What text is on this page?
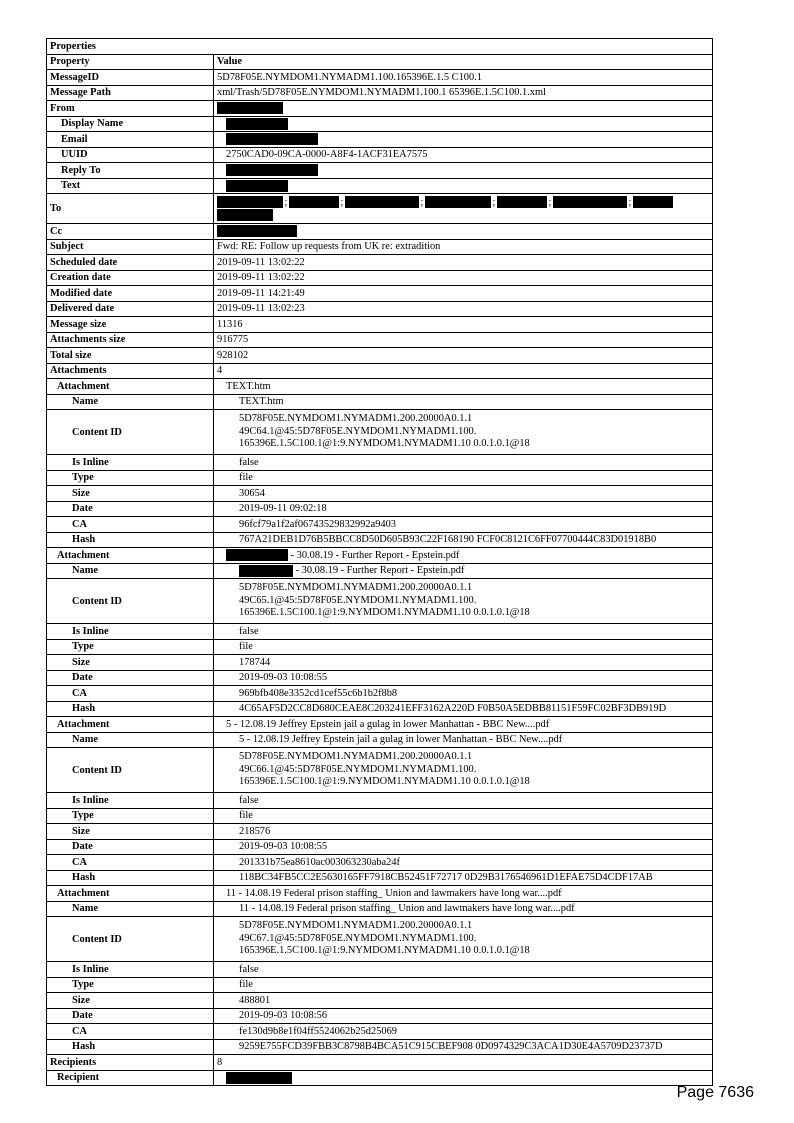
Properties	
Property	Value
MessageID	5D78F05E.NYMDOM1.NYMADM1.100.165396E.1.5 C100.1
Message Path	xml/Trash/5D78F05E.NYMDOM1.NYMADM1.100.1 65396E.1.5C100.1.xml
From	
Display Name	
Email	
UUID	2750CAD0-09CA-0000-A8F4-1ACF31EA7575
Reply To	
Text	
To	; ; ; ; ; ;

Cc	
Subject	Fwd: RE: Follow up requests from UK re: extradition
Scheduled date	2019-09-11 13:02:22
Creation date	2019-09-11 13:02:22
Modified date	2019-09-11 14:21:49
Delivered date	2019-09-11 13:02:23
Message size	11316
Attachments size	916775
Total size	928102
Attachments	4
Attachment	TEXT.htm
Name	TEXT.htm
Content ID	5D78F05E.NYMDOM1.NYMADM1.200.20000A0.1.1
49C64.1@45:5D78F05E.NYMDOM1.NYMADM1.100.
165396E.1.5C100.1@1:9.NYMDOM1.NYMADM1.10 0.0.1.0.1@18

Is Inline	false
Type	file
Size	30654
Date	2019-09-11 09:02:18
CA	96fcf79a1f2af06743529832992a9403
Hash	767A21DEB1D76B5BBCC8D50D605B93C22F168190 FCF0C8121C6FF07700444C83D01918B0
Attachment	- 30.08.19 - Further Report - Epstein.pdf
Name	- 30.08.19 - Further Report - Epstein.pdf
Content ID	5D78F05E.NYMDOM1.NYMADM1.200.20000A0.1.1
49C65.1@45:5D78F05E.NYMDOM1.NYMADM1.100.
165396E.1.5C100.1@1:9.NYMDOM1.NYMADM1.10 0.0.1.0.1@18

Is Inline	false
Type	file
Size	178744
Date	2019-09-03 10:08:55
CA	969bfb408e3352cd1cef55c6b1b2f8b8
Hash	4C65AF5D2CC8D680CEAE8C203241EFF3162A220D F0B50A5EDBB81151F59FC02BF3DB919D
Attachment	5 - 12.08.19 Jeffrey Epstein jail a gulag in lower Manhattan - BBC New....pdf
Name	5 - 12.08.19 Jeffrey Epstein jail a gulag in lower Manhattan - BBC New....pdf
Content ID	5D78F05E.NYMDOM1.NYMADM1.200.20000A0.1.1
49C66.1@45:5D78F05E.NYMDOM1.NYMADM1.100.
165396E.1.5C100.1@1:9.NYMDOM1.NYMADM1.10 0.0.1.0.1@18

Is Inline	false
Type	file
Size	218576
Date	2019-09-03 10:08:55
CA	201331b75ea8610ac003063230aba24f
Hash	118BC34FB5CC2E5630165FF7918CB52451F72717 0D29B3176546961D1EFAE75D4CDF17AB
Attachment	11 - 14.08.19 Federal prison staffing_ Union and lawmakers have long war....pdf
Name	11 - 14.08.19 Federal prison staffing_ Union and lawmakers have long war....pdf
Content ID	5D78F05E.NYMDOM1.NYMADM1.200.20000A0.1.1
49C67.1@45:5D78F05E.NYMDOM1.NYMADM1.100.
165396E.1.5C100.1@1:9.NYMDOM1.NYMADM1.10 0.0.1.0.1@18

Is Inline	false
Type	file
Size	488801
Date	2019-09-03 10:08:56
CA	fe130d9b8e1f04ff5524062b25d25069
Hash	9259E755FCD39FBB3C8798B4BCA51C915CBEF908 0D0974329C3ACA1D30E4A5709D23737D
Recipients	8
Recipient	
Page 7636
